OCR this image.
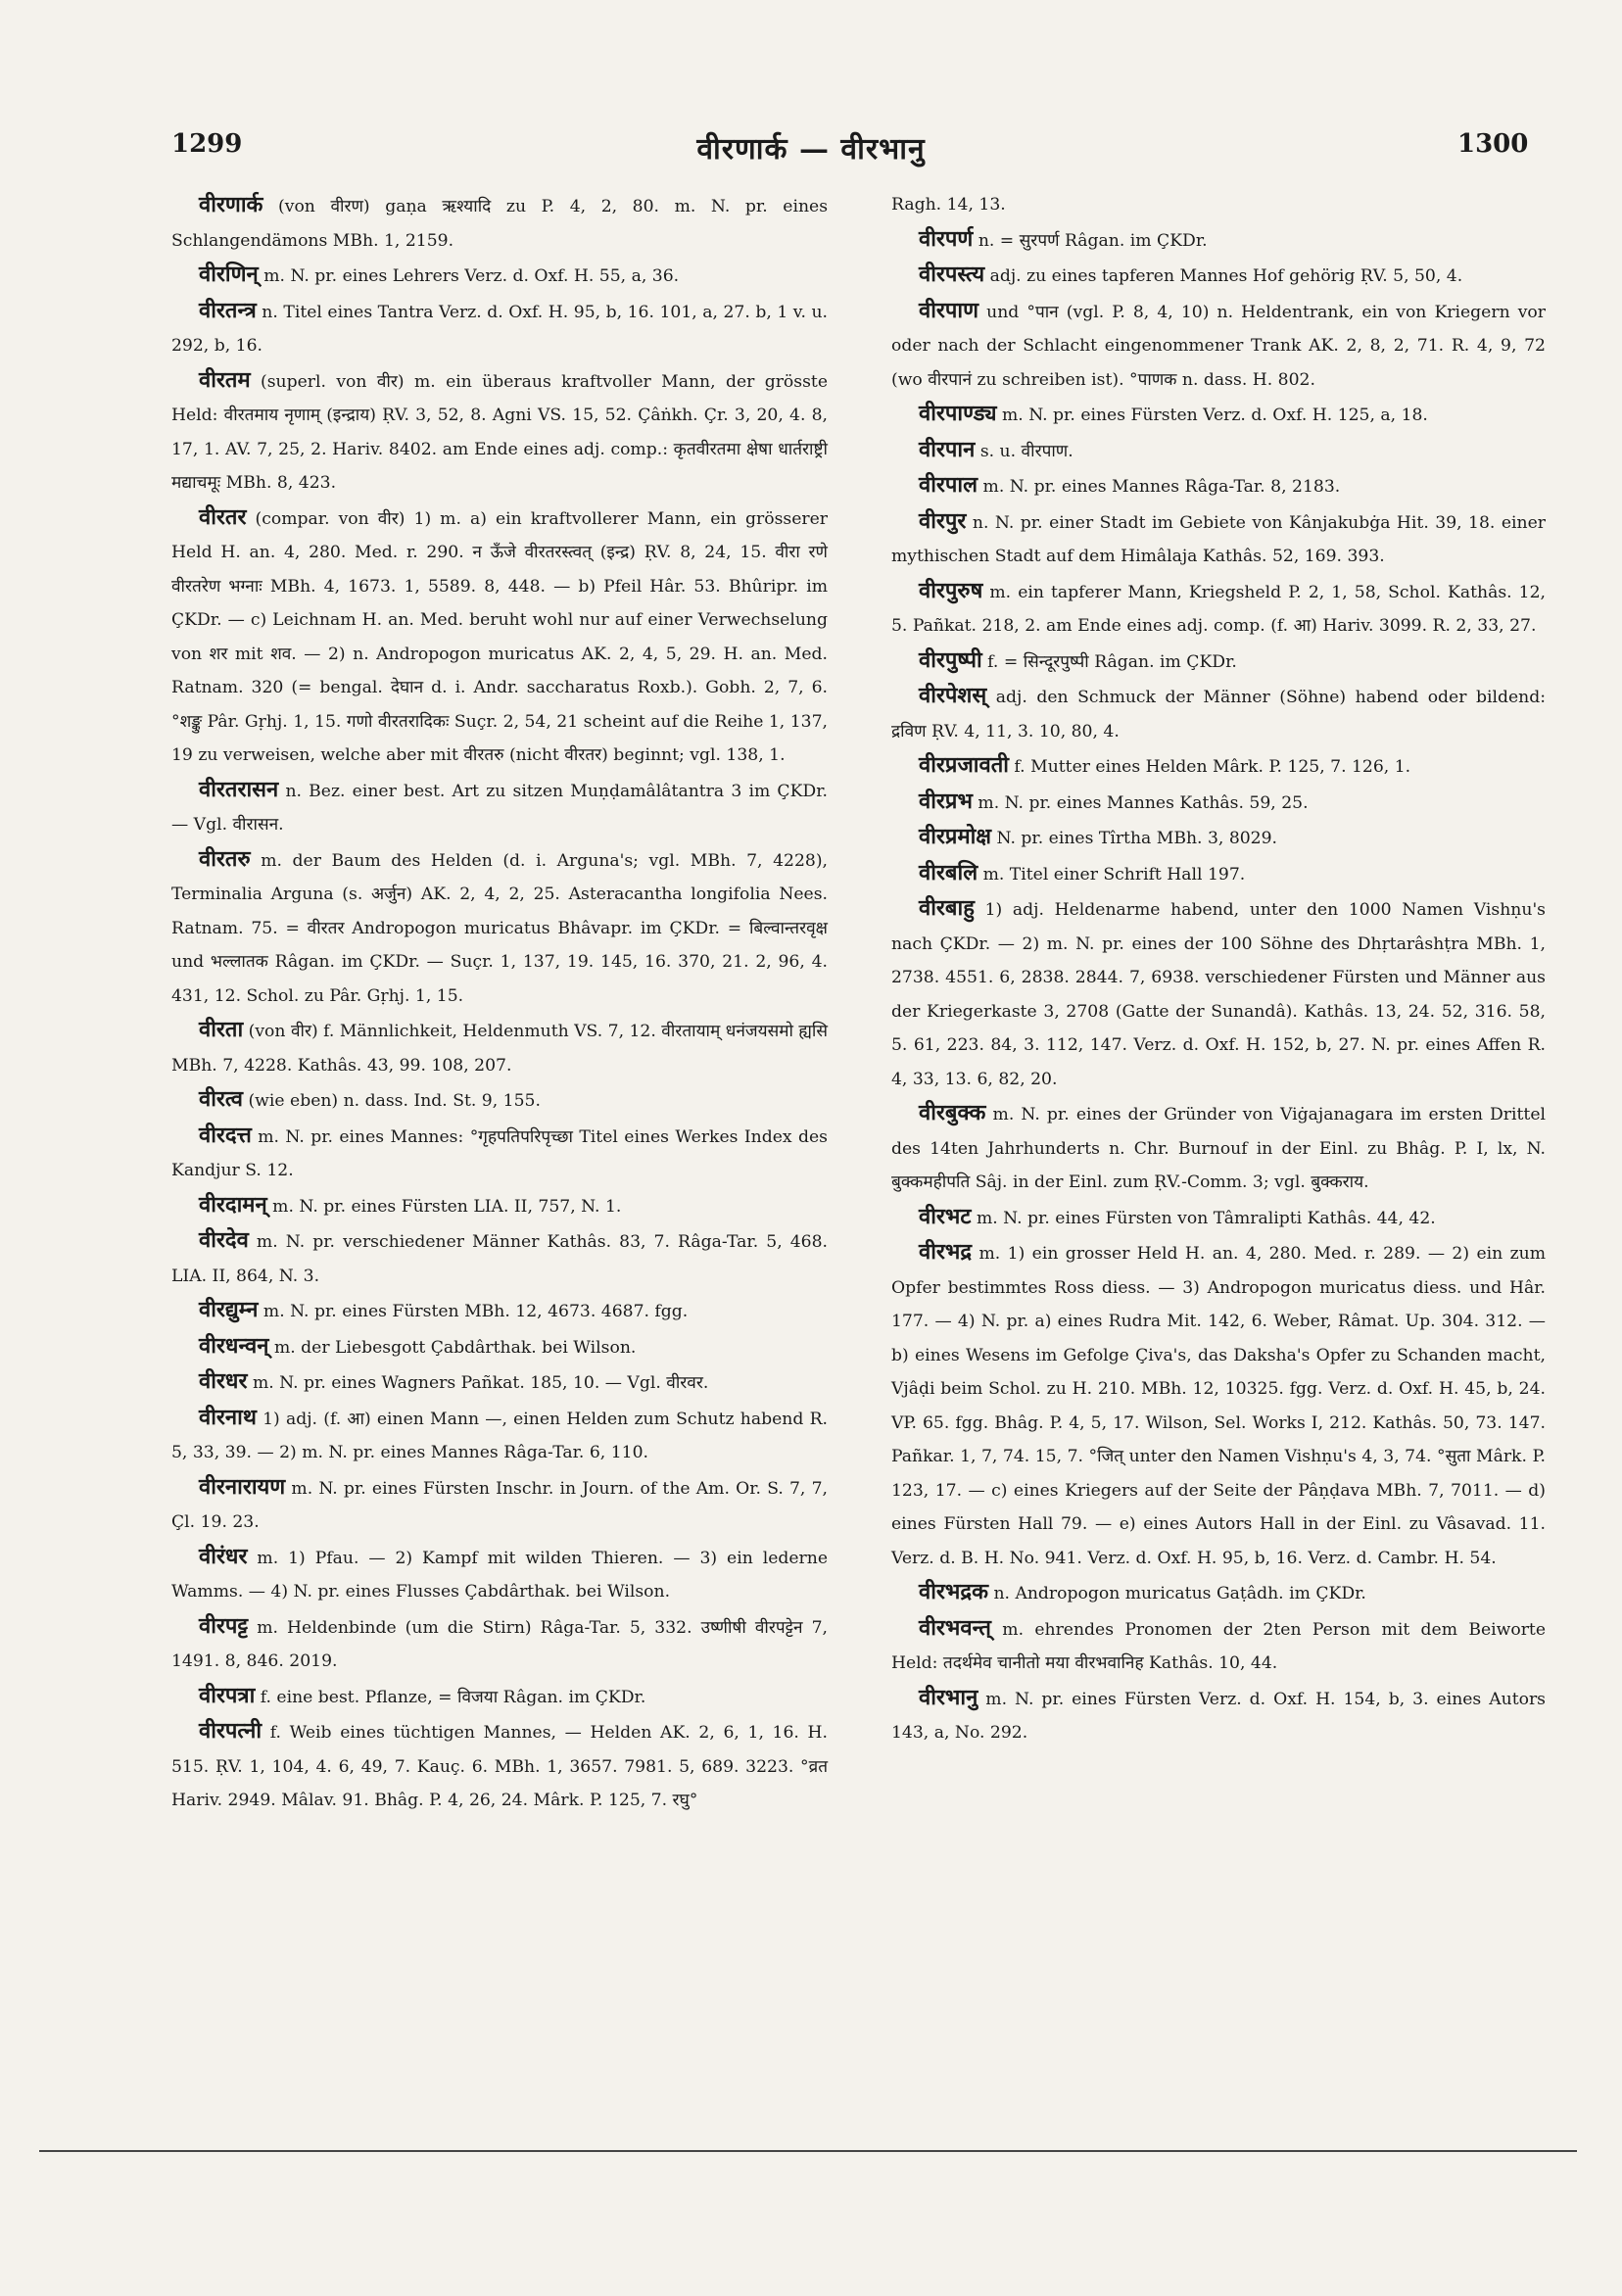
1299	वीरणार्क — वीरभानु	1300

वीरणार्क (von वीरण) gaṇa ऋश्यादि zu P. 4, 2, 80. m. N. pr. eines Schlangendämons MBh. 1, 2159.

वीरणिन् m. N. pr. eines Lehrers Verz. d. Oxf. H. 55, a, 36.

वीरतन्त्र n. Titel eines Tantra Verz. d. Oxf. H. 95, b, 16. 101, a, 27. b, 1 v. u. 292, b, 16.

वीरतम (superl. von वीर) m. ein überaus kraftvoller Mann, der grösste Held: वीरतमाय नृणाम् (इन्द्राय) ṚV. 3, 52, 8. Agni VS. 15, 52. Çâṅkh. Çr. 3, 20, 4. 8, 17, 1. AV. 7, 25, 2. Hariv. 8402. am Ende eines adj. comp.: कृतवीरतमा क्षेषा धार्तराष्ट्री मद्याचमूः MBh. 8, 423.

वीरतर (compar. von वीर) 1) m. a) ein kraftvollerer Mann, ein grösserer Held H. an. 4, 280. Med. r. 290. न ऊँजे वीरतरस्त्वत् (इन्द्र) ṚV. 8, 24, 15. वीरा रणे वीरतरेण भग्नाः MBh. 4, 1673. 1, 5589. 8, 448. — b) Pfeil Hâr. 53. Bhûripr. im ÇKDr. — c) Leichnam H. an. Med. beruht wohl nur auf einer Verwechselung von शर mit शव. — 2) n. Andropogon muricatus AK. 2, 4, 5, 29. H. an. Med. Ratnam. 320 (= bengal. देघान d. i. Andr. saccharatus Roxb.). Gobh. 2, 7, 6. °शङ्कु Pâr. Gṛhj. 1, 15. गणो वीरतरादिकः Suçr. 2, 54, 21 scheint auf die Reihe 1, 137, 19 zu verweisen, welche aber mit वीरतरु (nicht वीरतर) beginnt; vgl. 138, 1.

वीरतरासन n. Bez. einer best. Art zu sitzen Muṇḍamâlâtantra 3 im ÇKDr. — Vgl. वीरासन.

वीरतरु m. der Baum des Helden (d. i. Arguna's; vgl. MBh. 7, 4228), Terminalia Arguna (s. अर्जुन) AK. 2, 4, 2, 25. Asteracantha longifolia Nees. Ratnam. 75. = वीरतर Andropogon muricatus Bhâvapr. im ÇKDr. = बिल्वान्तरवृक्ष und भल्लातक Râgan. im ÇKDr. — Suçr. 1, 137, 19. 145, 16. 370, 21. 2, 96, 4. 431, 12. Schol. zu Pâr. Gṛhj. 1, 15.

वीरता (von वीर) f. Männlichkeit, Heldenmuth VS. 7, 12. वीरतायाम् धनंजयसमो ह्यसि MBh. 7, 4228. Kathâs. 43, 99. 108, 207.

वीरत्व (wie eben) n. dass. Ind. St. 9, 155.

वीरदत्त m. N. pr. eines Mannes: °गृहपतिपरिपृच्छा Titel eines Werkes Index des Kandjur S. 12.

वीरदामन् m. N. pr. eines Fürsten LIA. II, 757, N. 1.

वीरदेव m. N. pr. verschiedener Männer Kathâs. 83, 7. Râga-Tar. 5, 468. LIA. II, 864, N. 3.

वीरद्युम्न m. N. pr. eines Fürsten MBh. 12, 4673. 4687. fgg.

वीरधन्वन् m. der Liebesgott Çabdârthak. bei Wilson.

वीरधर m. N. pr. eines Wagners Pañkat. 185, 10. — Vgl. वीरवर.

वीरनाथ 1) adj. (f. आ) einen Mann —, einen Helden zum Schutz habend R. 5, 33, 39. — 2) m. N. pr. eines Mannes Râga-Tar. 6, 110.

वीरनारायण m. N. pr. eines Fürsten Inschr. in Journ. of the Am. Or. S. 7, 7, Çl. 19. 23.

वीरंधर m. 1) Pfau. — 2) Kampf mit wilden Thieren. — 3) ein lederne Wamms. — 4) N. pr. eines Flusses Çabdârthak. bei Wilson.

वीरपट्ट m. Heldenbinde (um die Stirn) Râga-Tar. 5, 332. उष्णीषी वीरपट्टेन 7, 1491. 8, 846. 2019.

वीरपत्रा f. eine best. Pflanze, = विजया Râgan. im ÇKDr.

वीरपत्नी f. Weib eines tüchtigen Mannes, — Helden AK. 2, 6, 1, 16. H. 515. ṚV. 1, 104, 4. 6, 49, 7. Kauç. 6. MBh. 1, 3657. 7981. 5, 689. 3223. °व्रत Hariv. 2949. Mâlav. 91. Bhâg. P. 4, 26, 24. Mârk. P. 125, 7. रघु°

Ragh. 14, 13.

वीरपर्ण n. = सुरपर्ण Râgan. im ÇKDr.

वीरपस्त्य adj. zu eines tapferen Mannes Hof gehörig ṚV. 5, 50, 4.

वीरपाण und °पान (vgl. P. 8, 4, 10) n. Heldentrank, ein von Kriegern vor oder nach der Schlacht eingenommener Trank AK. 2, 8, 2, 71. R. 4, 9, 72 (wo वीरपानं zu schreiben ist). °पाणक n. dass. H. 802.

वीरपाण्ड्य m. N. pr. eines Fürsten Verz. d. Oxf. H. 125, a, 18.

वीरपान s. u. वीरपाण.

वीरपाल m. N. pr. eines Mannes Râga-Tar. 8, 2183.

वीरपुर n. N. pr. einer Stadt im Gebiete von Kânjakubġa Hit. 39, 18. einer mythischen Stadt auf dem Himâlaja Kathâs. 52, 169. 393.

वीरपुरुष m. ein tapferer Mann, Kriegsheld P. 2, 1, 58, Schol. Kathâs. 12, 5. Pañkat. 218, 2. am Ende eines adj. comp. (f. आ) Hariv. 3099. R. 2, 33, 27.

वीरपुष्पी f. = सिन्दूरपुष्पी Râgan. im ÇKDr.

वीरपेशस् adj. den Schmuck der Männer (Söhne) habend oder bildend: द्रविण ṚV. 4, 11, 3. 10, 80, 4.

वीरप्रजावती f. Mutter eines Helden Mârk. P. 125, 7. 126, 1.

वीरप्रभ m. N. pr. eines Mannes Kathâs. 59, 25.

वीरप्रमोक्ष N. pr. eines Tîrtha MBh. 3, 8029.

वीरबलि m. Titel einer Schrift Hall 197.

वीरबाहु 1) adj. Heldenarme habend, unter den 1000 Namen Vishṇu's nach ÇKDr. — 2) m. N. pr. eines der 100 Söhne des Dhṛtarâshṭra MBh. 1, 2738. 4551. 6, 2838. 2844. 7, 6938. verschiedener Fürsten und Männer aus der Kriegerkaste 3, 2708 (Gatte der Sunandâ). Kathâs. 13, 24. 52, 316. 58, 5. 61, 223. 84, 3. 112, 147. Verz. d. Oxf. H. 152, b, 27. N. pr. eines Affen R. 4, 33, 13. 6, 82, 20.

वीरबुक्क m. N. pr. eines der Gründer von Viġajanagara im ersten Drittel des 14ten Jahrhunderts n. Chr. Burnouf in der Einl. zu Bhâg. P. I, lx, N. बुक्कमहीपति Sâj. in der Einl. zum ṚV.-Comm. 3; vgl. बुक्कराय.

वीरभट m. N. pr. eines Fürsten von Tâmralipti Kathâs. 44, 42.

वीरभद्र m. 1) ein grosser Held H. an. 4, 280. Med. r. 289. — 2) ein zum Opfer bestimmtes Ross diess. — 3) Andropogon muricatus diess. und Hâr. 177. — 4) N. pr. a) eines Rudra Mit. 142, 6. Weber, Râmat. Up. 304. 312. — b) eines Wesens im Gefolge Çiva's, das Daksha's Opfer zu Schanden macht, Vjâḍi beim Schol. zu H. 210. MBh. 12, 10325. fgg. Verz. d. Oxf. H. 45, b, 24. VP. 65. fgg. Bhâg. P. 4, 5, 17. Wilson, Sel. Works I, 212. Kathâs. 50, 73. 147. Pañkar. 1, 7, 74. 15, 7. °जित् unter den Namen Vishṇu's 4, 3, 74. °सुता Mârk. P. 123, 17. — c) eines Kriegers auf der Seite der Pâṇḍava MBh. 7, 7011. — d) eines Fürsten Hall 79. — e) eines Autors Hall in der Einl. zu Vâsavad. 11. Verz. d. B. H. No. 941. Verz. d. Oxf. H. 95, b, 16. Verz. d. Cambr. H. 54.

वीरभद्रक n. Andropogon muricatus Gaṭâdh. im ÇKDr.

वीरभवन्त् m. ehrendes Pronomen der 2ten Person mit dem Beiworte Held: तदर्थमेव चानीतो मया वीरभवानिह Kathâs. 10, 44.

वीरभानु m. N. pr. eines Fürsten Verz. d. Oxf. H. 154, b, 3. eines Autors 143, a, No. 292.
